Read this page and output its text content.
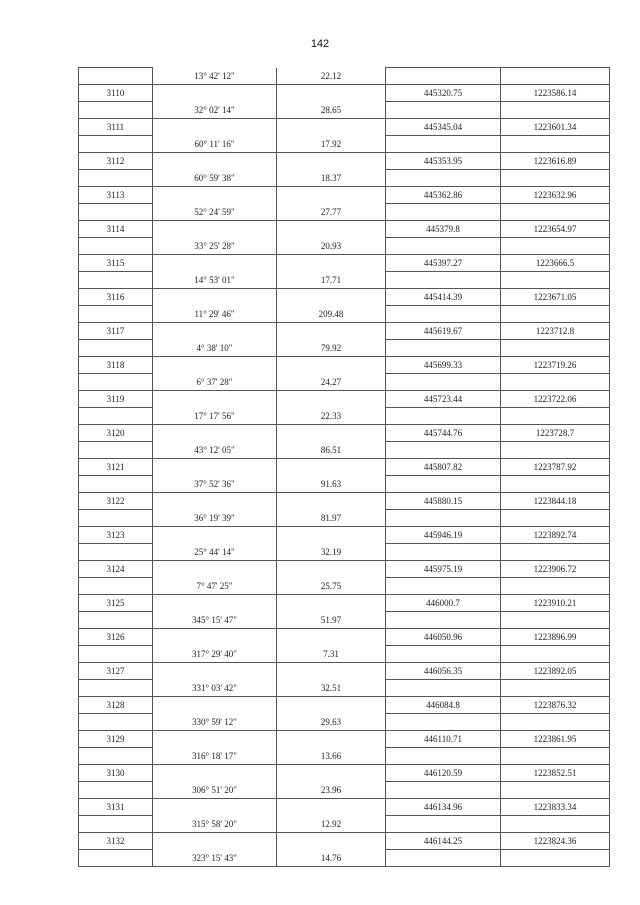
142
	13° 42' 12"	22.12		
3110			445320.75	1223586.14
	32° 02' 14"	28.65		
3111			445345.04	1223601.34
	60° 11' 16"	17.92		
3112			445353.95	1223616.89
	60° 59' 38"	18.37		
3113			445362.86	1223632.96
	52° 24' 59"	27.77		
3114			445379.8	1223654.97
	33° 25' 28"	20.93		
3115			445397.27	1223666.5
	14° 53' 01"	17.71		
3116			445414.39	1223671.05
	11° 29' 46"	209.48		
3117			445619.67	1223712.8
	4° 38' 10"	79.92		
3118			445699.33	1223719.26
	6° 37' 28"	24.27		
3119			445723.44	1223722.06
	17° 17' 56"	22.33		
3120			445744.76	1223728.7
	43° 12' 05"	86.51		
3121			445807.82	1223787.92
	37° 52' 36"	91.63		
3122			445880.15	1223844.18
	36° 19' 39"	81.97		
3123			445946.19	1223892.74
	25° 44' 14"	32.19		
3124			445975.19	1223906.72
	7° 47' 25"	25.75		
3125			446000.7	1223910.21
	345° 15' 47"	51.97		
3126			446050.96	1223896.99
	317° 29' 40"	7.31		
3127			446056.35	1223892.05
	331° 03' 42"	32.51		
3128			446084.8	1223876.32
	330° 59' 12"	29.63		
3129			446110.71	1223861.95
	316° 18' 17"	13.66		
3130			446120.59	1223852.51
	306° 51' 20"	23.96		
3131			446134.96	1223833.34
	315° 58' 20"	12.92		
3132			446144.25	1223824.36
	323° 15' 43"	14.76		
